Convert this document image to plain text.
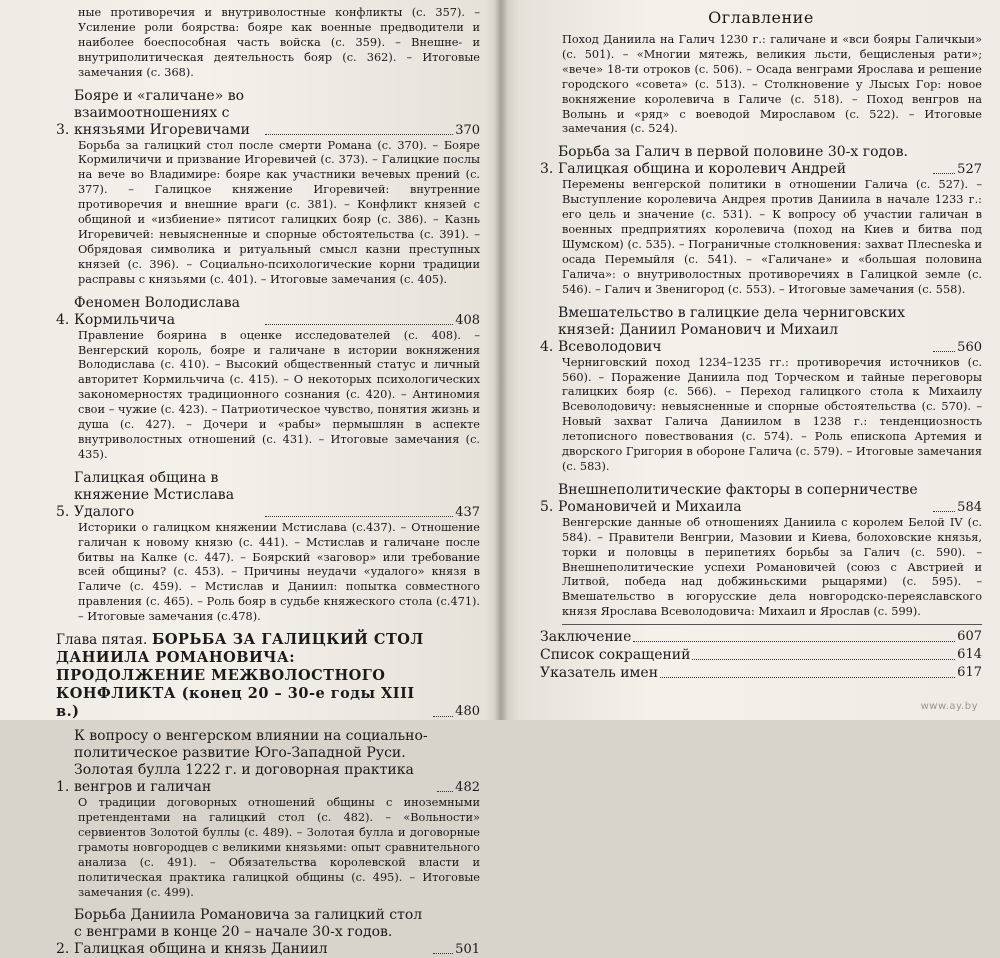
ные противоречия и внутриволостные конфликты (с. 357). – Усиление роли боярства: бояре как военные предводители и наиболее боеспособная часть войска (с. 359). – Внешне- и внутриполитическая деятельность бояр (с. 362). – Итоговые замечания (с. 368).

3.
Бояре и «галичане» во взаимоотношениях с князьями Игоревичами	370

Борьба за галицкий стол после смерти Романа (с. 370). – Бояре Кормиличичи и призвание Игоревичей (с. 373). – Галицкие послы на вече во Владимире: бояре как участники вечевых прений (с. 377). – Галицкое княжение Игоревичей: внутренние противоречия и внешние враги (с. 381). – Конфликт князей с общиной и «избиение» пятисот галицких бояр (с. 386). – Казнь Игоревичей: невыясненные и спорные обстоятельства (с. 391). – Обрядовая символика и ритуальный смысл казни преступных князей (с. 396). – Социально-психологические корни традиции расправы с князьями (с. 401). – Итоговые замечания (с. 405).

4.
Феномен Володислава Кормильчича	408

Правление боярина в оценке исследователей (с. 408). – Венгерский король, бояре и галичане в истории вокняжения Володислава (с. 410). – Высокий общественный статус и личный авторитет Кормильчича (с. 415). – О некоторых психологических закономерностях традиционного сознания (с. 420). – Антиномия свои – чужие (с. 423). – Патриотическое чувство, понятия жизнь и душа (с. 427). – Дочери и «рабы» пермышлян в аспекте внутриволостных отношений (с. 431). – Итоговые замечания (с. 435).

5.
Галицкая община в княжение Мстислава Удалого	437

Историки о галицком княжении Мстислава (с.437). – Отношение галичан к новому князю (с. 441). – Мстислав и галичане после битвы на Калке (с. 447). – Боярский «заговор» или требование всей общины? (с. 453). – Причины неудачи «удалого» князя в Галиче (с. 459). – Мстислав и Даниил: попытка совместного правления (с. 465). – Роль бояр в судьбе княжеского стола (с.471). – Итоговые замечания (с.478).

Глава пятая. БОРЬБА ЗА ГАЛИЦКИЙ СТОЛ ДАНИИЛА РОМАНОВИЧА: ПРОДОЛЖЕНИЕ МЕЖВОЛОСТНОГО КОНФЛИКТА (конец 20 – 30-е годы XIII в.)	480
1.
К вопросу о венгерском влиянии на социально-политическое развитие Юго-Западной Руси. Золотая булла 1222 г. и договорная практика венгров и галичан	482

О традиции договорных отношений общины с иноземными претендентами на галицкий стол (с. 482). – «Вольности» сервиентов Золотой буллы (с. 489). – Золотая булла и договорные грамоты новгородцев с великими князьями: опыт сравнительного анализа (с. 491). – Обязательства королевской власти и политическая практика галицкой общины (с. 495). – Итоговые замечания (с. 499).

2.
Борьба Даниила Романовича за галицкий стол с венграми в конце 20 – начале 30-х годов. Галицкая община и князь Даниил	501
Оглавление

Поход Даниила на Галич 1230 г.: галичане и «вси бояры Галичкыи» (с. 501). – «Многии мятежь, великия льсти, бещисленыя рати»; «вече» 18-ти отроков (с. 506). – Осада венграми Ярослава и решение городского «совета» (с. 513). – Столкновение у Лысых Гор: новое вокняжение королевича в Галиче (с. 518). – Поход венгров на Волынь и «ряд» с воеводой Мирославом (с. 522). – Итоговые замечания (с. 524).

3.
Борьба за Галич в первой половине 30-х годов. Галицкая община и королевич Андрей	527

Перемены венгерской политики в отношении Галича (с. 527). – Выступление королевича Андрея против Даниила в начале 1233 г.: его цель и значение (с. 531). – К вопросу об участии галичан в военных предприятиях королевича (поход на Киев и битва под Шумском) (с. 535). – Пограничные столкновения: захват Плесneska и осада Перемыйля (с. 541). – «Галичане» и «большая половина Галича»: о внутриволостных противоречиях в Галицкой земле (с. 546). – Галич и Звенигород (с. 553). – Итоговые замечания (с. 558).

4.
Вмешательство в галицкие дела черниговских князей: Даниил Романович и Михаил Всеволодович	560

Черниговский поход 1234–1235 гг.: противоречия источников (с. 560). – Поражение Даниила под Торческом и тайные переговоры галицких бояр (с. 566). – Переход галицкого стола к Михаилу Всеволодовичу: невыясненные и спорные обстоятельства (с. 570). – Новый захват Галича Даниилом в 1238 г.: тенденциозность летописного повествования (с. 574). – Роль епископа Артемия и дворского Григория в обороне Галича (с. 579). – Итоговые замечания (с. 583).

5.
Внешнеполитические факторы в соперничестве Романовичей и Михаила	584

Венгерские данные об отношениях Даниила с королем Белой IV (с. 584). – Правители Венгрии, Мазовии и Киева, болоховские князья, торки и половцы в перипетиях борьбы за Галич (с. 590). – Внешнеполитические успехи Романовичей (союз с Австрией и Литвой, победа над добжиньскими рыцарями) (с. 595). – Вмешательство в югоpусские дела новгородско-переяславского князя Ярослава Всеволодовича: Михаил и Ярослав (с. 599).

Заключение	607
Список сокращений	614
Указатель имен	617
www.ay.by
